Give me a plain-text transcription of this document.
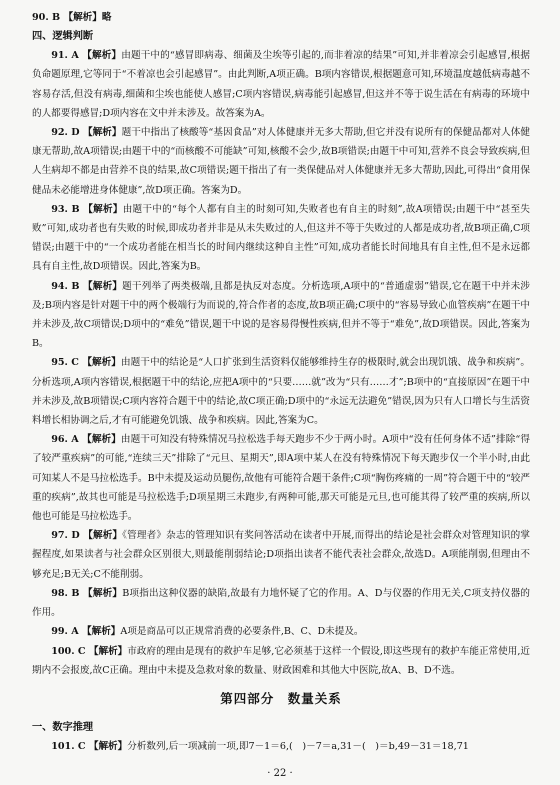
90. B 【解析】略

四、逻辑判断

91. A 【解析】由题干中的“感冒即病毒、细菌及尘埃等引起的,而非着凉的结果”可知,并非着凉会引起感冒,根据负命题原理,它等同于“不着凉也会引起感冒”。由此判断,A项正确。B项内容错误,根据题意可知,环境温度越低病毒越不容易存活,但没有病毒,细菌和尘埃也能使人感冒;C项内容错误,病毒能引起感冒,但这并不等于说生活在有病毒的环境中的人都要得感冒;D项内容在文中并未涉及。故答案为A。

92. D 【解析】题干中指出了核酸等“基因食品”对人体健康并无多大帮助,但它并没有说所有的保健品都对人体健康无帮助,故A项错误;由题干中的“而核酸不可能缺”可知,核酸不会少,故B项错误;由题干中可知,营养不良会导致疾病,但人生病却不都是由营养不良的结果,故C项错误;题干指出了有一类保健品对人体健康并无多大帮助,因此,可得出“食用保健品未必能增进身体健康”,故D项正确。答案为D。

93. B 【解析】由题干中的“每个人都有自主的时刻可知,失败者也有自主的时刻”,故A项错误;由题干中“甚至失败”可知,成功者也有失败的时候,即成功者并非是从未失败过的人,但这并不等于失败过的人都是成功者,故B项正确,C项错误;由题干中的“一个成功者能在相当长的时间内继续这种自主性”可知,成功者能长时间地具有自主性,但不是永远都具有自主性,故D项错误。因此,答案为B。

94. B 【解析】题干列举了两类极端,且都是执反对态度。分析选项,A项中的“普通虚弱”错误,它在题干中并未涉及;B项内容是针对题干中的两个极端行为而说的,符合作者的态度,故B项正确;C项中的“容易导致心血管疾病”在题干中并未涉及,故C项错误;D项中的“难免”错误,题干中说的是容易得慢性疾病,但并不等于“难免”,故D项错误。因此,答案为B。

95. C 【解析】由题干中的结论是“人口扩张到生活资料仅能够维持生存的极限时,就会出现饥饿、战争和疾病”。分析选项,A项内容错误,根据题干中的结论,应把A项中的“只要……就”改为“只有……才”;B项中的“直接原因”在题干中并未涉及,故B项错误;C项内容符合题干中的结论,故C项正确;D项中的“永远无法避免”错误,因为只有人口增长与生活资料增长相协调之后,才有可能避免饥饿、战争和疾病。因此,答案为C。

96. A 【解析】由题干可知没有特殊情况马拉松选手每天跑步不少于两小时。A项中“没有任何身体不适”排除“得了较严重疾病”的可能,“连续三天”排除了“元旦、星期天”,即A项中某人在没有特殊情况下每天跑步仅一个半小时,由此可知某人不是马拉松选手。B中未提及运动员腿伤,故他有可能符合题干条件;C项“胸伤疼痛的一周”符合题干中的“较严重的疾病”,故其也可能是马拉松选手;D项星期三未跑步,有两种可能,那天可能是元旦,也可能其得了较严重的疾病,所以他也可能是马拉松选手。

97. D 【解析】《管理者》杂志的管理知识有奖问答活动在读者中开展,而得出的结论是社会群众对管理知识的掌握程度,如果读者与社会群众区别很大,则最能削弱结论;D项指出读者不能代表社会群众,故选D。A项能削弱,但理由不够充足;B无关;C不能削弱。

98. B 【解析】B项指出这种仪器的缺陷,故最有力地怀疑了它的作用。A、D与仪器的作用无关,C项支持仪器的作用。

99. A 【解析】A项是商品可以正规常消费的必要条件,B、C、D未提及。

100. C 【解析】市政府的理由是现有的救护车足够,它必须基于这样一个假设,即这些现有的救护车能正常使用,近期内不会报废,故C正确。理由中未提及急救对象的数量、财政困难和其他大中医院,故A、B、D不选。

第四部分　数量关系

一、数字推理

101. C 【解析】分析数列,后一项减前一项,即7－1＝6,(　)－7＝a,31－(　)＝b,49－31＝18,71

· 22 ·
